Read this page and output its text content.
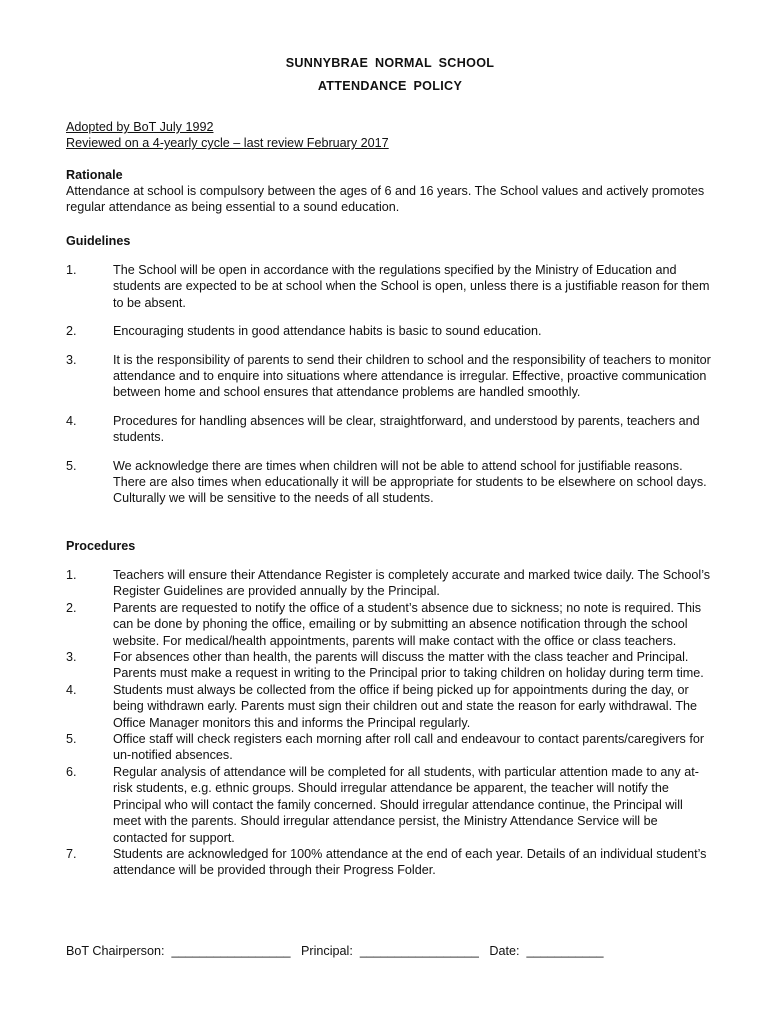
SUNNYBRAE NORMAL SCHOOL
ATTENDANCE POLICY
Adopted by BoT July 1992
Reviewed on a 4-yearly cycle – last review February 2017
Rationale
Attendance at school is compulsory between the ages of 6 and 16 years. The School values and actively promotes regular attendance as being essential to a sound education.
Guidelines
1.	The School will be open in accordance with the regulations specified by the Ministry of Education and students are expected to be at school when the School is open, unless there is a justifiable reason for them to be absent.
2.	Encouraging students in good attendance habits is basic to sound education.
3.	It is the responsibility of parents to send their children to school and the responsibility of teachers to monitor attendance and to enquire into situations where attendance is irregular. Effective, proactive communication between home and school ensures that attendance problems are handled smoothly.
4.	Procedures for handling absences will be clear, straightforward, and understood by parents, teachers and students.
5.	We acknowledge there are times when children will not be able to attend school for justifiable reasons. There are also times when educationally it will be appropriate for students to be elsewhere on school days. Culturally we will be sensitive to the needs of all students.
Procedures
1.	Teachers will ensure their Attendance Register is completely accurate and marked twice daily. The School’s Register Guidelines are provided annually by the Principal.
2.	Parents are requested to notify the office of a student’s absence due to sickness; no note is required. This can be done by phoning the office, emailing or by submitting an absence notification through the school website. For medical/health appointments, parents will make contact with the office or class teachers.
3.	For absences other than health, the parents will discuss the matter with the class teacher and Principal. Parents must make a request in writing to the Principal prior to taking children on holiday during term time.
4.	Students must always be collected from the office if being picked up for appointments during the day, or being withdrawn early. Parents must sign their children out and state the reason for early withdrawal. The Office Manager monitors this and informs the Principal regularly.
5.	Office staff will check registers each morning after roll call and endeavour to contact parents/caregivers for un-notified absences.
6.	Regular analysis of attendance will be completed for all students, with particular attention made to any at-risk students, e.g. ethnic groups. Should irregular attendance be apparent, the teacher will notify the Principal who will contact the family concerned. Should irregular attendance continue, the Principal will meet with the parents. Should irregular attendance persist, the Ministry Attendance Service will be contacted for support.
7.	Students are acknowledged for 100% attendance at the end of each year. Details of an individual student’s attendance will be provided through their Progress Folder.
BoT Chairperson:  _________________   Principal:  _________________   Date:  ___________
